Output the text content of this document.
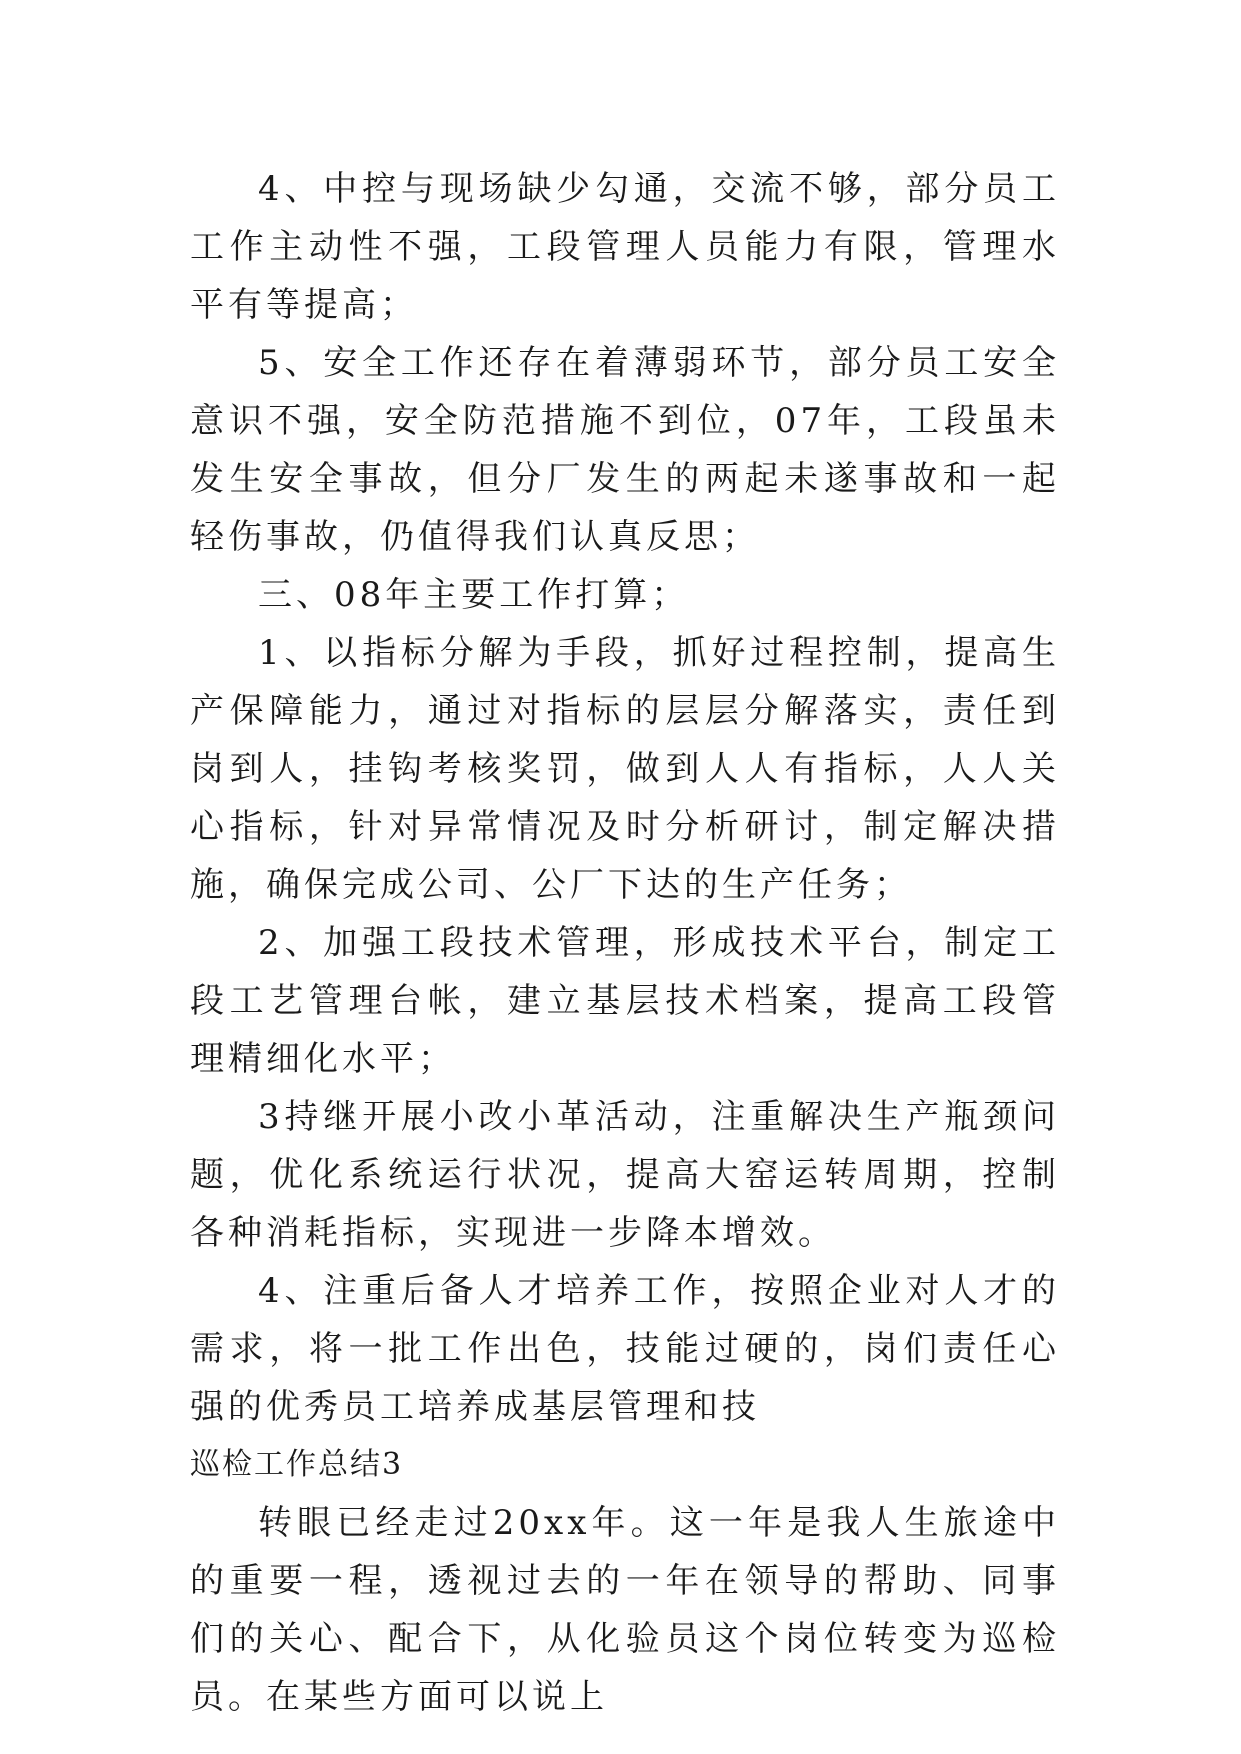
4、中控与现场缺少勾通，交流不够，部分员工工作主动性不强，工段管理人员能力有限，管理水平有等提高；

5、安全工作还存在着薄弱环节，部分员工安全意识不强，安全防范措施不到位，07年，工段虽未发生安全事故，但分厂发生的两起未遂事故和一起轻伤事故，仍值得我们认真反思；

三、08年主要工作打算；

1、以指标分解为手段，抓好过程控制，提高生产保障能力，通过对指标的层层分解落实，责任到岗到人，挂钩考核奖罚，做到人人有指标，人人关心指标，针对异常情况及时分析研讨，制定解决措施，确保完成公司、公厂下达的生产任务；

2、加强工段技术管理，形成技术平台，制定工段工艺管理台帐，建立基层技术档案，提高工段管理精细化水平；

3持继开展小改小革活动，注重解决生产瓶颈问题，优化系统运行状况，提高大窑运转周期，控制各种消耗指标，实现进一步降本增效。

4、注重后备人才培养工作，按照企业对人才的需求，将一批工作出色，技能过硬的，岗们责任心强的优秀员工培养成基层管理和技

巡检工作总结3

转眼已经走过20xx年。这一年是我人生旅途中的重要一程，透视过去的一年在领导的帮助、同事们的关心、配合下，从化验员这个岗位转变为巡检员。在某些方面可以说上
